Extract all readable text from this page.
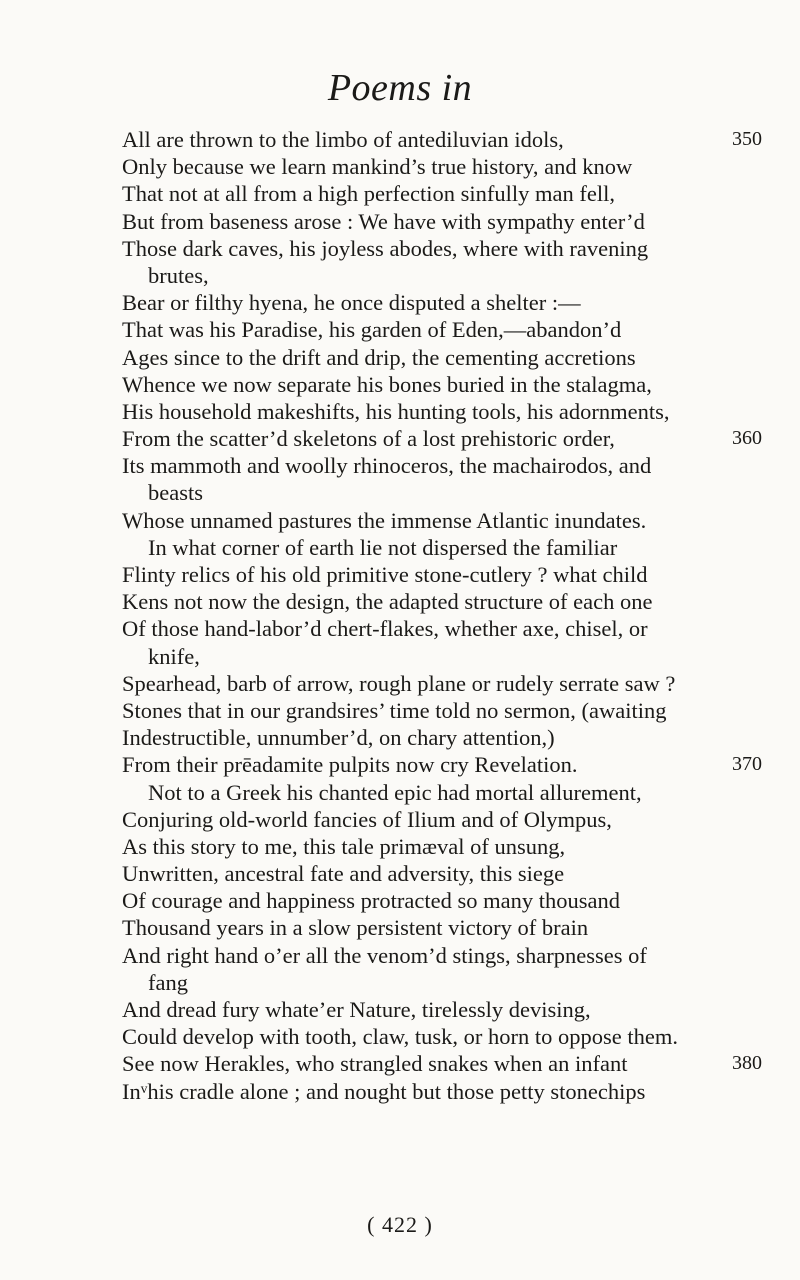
Poems in
All are thrown to the limbo of antediluvian idols,	350
Only because we learn mankind’s true history, and know
That not at all from a high perfection sinfully man fell,
But from baseness arose : We have with sympathy enter’d
Those dark caves, his joyless abodes, where with ravening
brutes,
Bear or filthy hyena, he once disputed a shelter :—
That was his Paradise, his garden of Eden,—abandon’d
Ages since to the drift and drip, the cementing accretions
Whence we now separate his bones buried in the stalagma,
His household makeshifts, his hunting tools, his adornments,
From the scatter’d skeletons of a lost prehistoric order,	360
Its mammoth and woolly rhinoceros, the machairodos, and
beasts
Whose unnamed pastures the immense Atlantic inundates.
In what corner of earth lie not dispersed the familiar
Flinty relics of his old primitive stone-cutlery ? what child
Kens not now the design, the adapted structure of each one
Of those hand-labor’d chert-flakes, whether axe, chisel, or
knife,
Spearhead, barb of arrow, rough plane or rudely serrate saw ?
Stones that in our grandsires’ time told no sermon, (awaiting
Indestructible, unnumber’d, on chary attention,)
From their prēadamite pulpits now cry Revelation.	370
Not to a Greek his chanted epic had mortal allurement,
Conjuring old-world fancies of Ilium and of Olympus,
As this story to me, this tale primæval of unsung,
Unwritten, ancestral fate and adversity, this siege
Of courage and happiness protracted so many thousand
Thousand years in a slow persistent victory of brain
And right hand o’er all the venom’d stings, sharpnesses of
fang
And dread fury whate’er Nature, tirelessly devising,
Could develop with tooth, claw, tusk, or horn to oppose them.
See now Herakles, who strangled snakes when an infant	380
Inᵛhis cradle alone ; and nought but those petty stonechips
( 422 )
